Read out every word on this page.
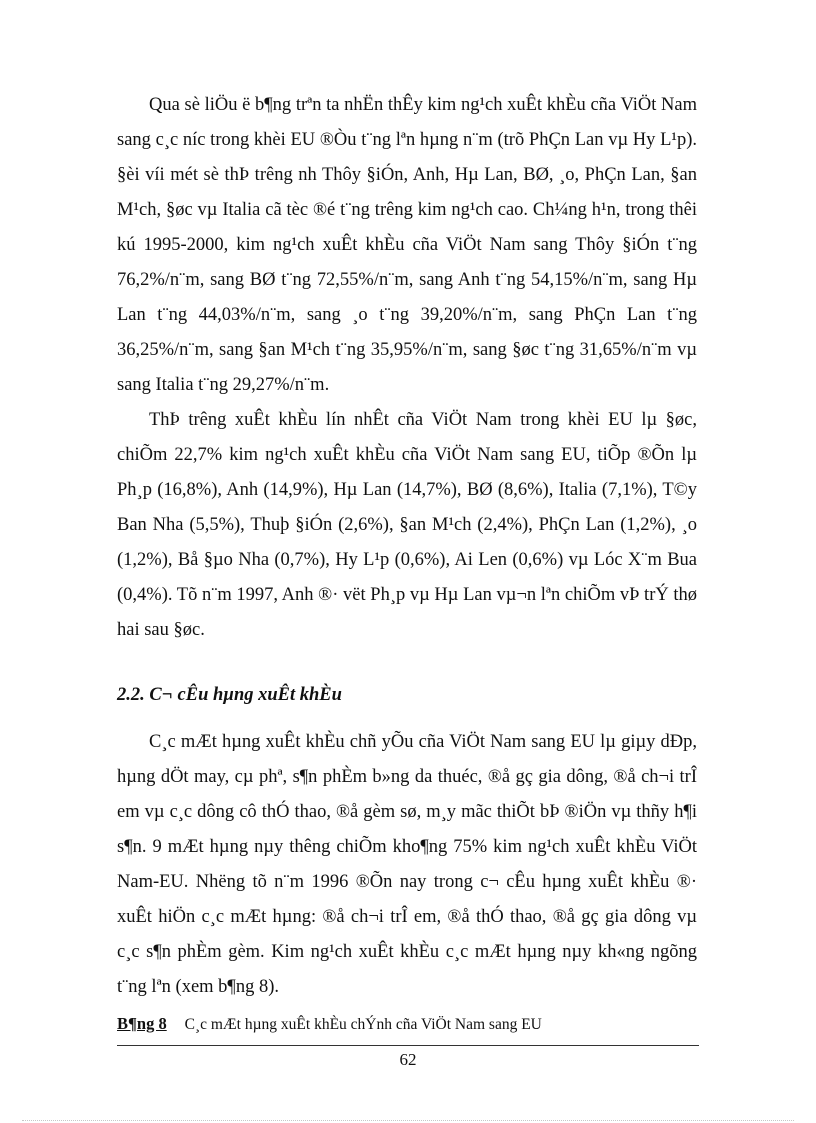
Qua sè liÖu ë b¶ng trªn ta nhËn thÊy kim ng¹ch xuÊt khÈu cña ViÖt Nam sang c¸c níc trong khèi EU ®Òu t¨ng lªn hµng n¨m (trõ PhÇn Lan vµ Hy L¹p). §èi víi mét sè thÞ trêng nh Thôy §iÓn, Anh, Hµ Lan, BØ, ¸o, PhÇn Lan, §an M¹ch, §øc vµ Italia cã tèc ®é t¨ng trêng kim ng¹ch cao. Ch¼ng h¹n, trong thêi kú 1995-2000, kim ng¹ch xuÊt khÈu cña ViÖt Nam sang Thôy §iÓn t¨ng 76,2%/n¨m, sang BØ t¨ng 72,55%/n¨m, sang Anh t¨ng 54,15%/n¨m, sang Hµ Lan t¨ng 44,03%/n¨m, sang ¸o t¨ng 39,20%/n¨m, sang PhÇn Lan t¨ng 36,25%/n¨m, sang §an M¹ch t¨ng 35,95%/n¨m, sang §øc t¨ng 31,65%/n¨m vµ sang Italia t¨ng 29,27%/n¨m.

ThÞ trêng xuÊt khÈu lín nhÊt cña ViÖt Nam trong khèi EU lµ §øc, chiÕm 22,7% kim ng¹ch xuÊt khÈu cña ViÖt Nam sang EU, tiÕp ®Õn lµ Ph¸p (16,8%), Anh (14,9%), Hµ Lan (14,7%), BØ (8,6%), Italia (7,1%), T©y Ban Nha (5,5%), Thuþ §iÓn (2,6%), §an M¹ch (2,4%), PhÇn Lan (1,2%), ¸o (1,2%), Bå §µo Nha (0,7%), Hy L¹p (0,6%), Ai Len (0,6%) vµ Lóc X¨m Bua (0,4%). Tõ n¨m 1997, Anh ®· vët Ph¸p vµ Hµ Lan vµ¬n lªn chiÕm vÞ trÝ thø hai sau §øc.

2.2. C¬ cÊu hµng xuÊt khÈu

C¸c mÆt hµng xuÊt khÈu chñ yÕu cña ViÖt Nam sang EU lµ giµy dÐp, hµng dÖt may, cµ phª, s¶n phÈm b»ng da thuéc, ®å gç gia dông, ®å ch¬i trÎ em vµ c¸c dông cô thÓ thao, ®å gèm sø, m¸y mãc thiÕt bÞ ®iÖn vµ thñy h¶i s¶n. 9 mÆt hµng nµy thêng chiÕm kho¶ng 75% kim ng¹ch xuÊt khÈu ViÖt Nam-EU. Nhëng tõ n¨m 1996 ®Õn nay trong c¬ cÊu hµng xuÊt khÈu ®· xuÊt hiÖn c¸c mÆt hµng: ®å ch¬i trÎ em, ®å thÓ thao, ®å gç gia dông vµ c¸c s¶n phÈm gèm. Kim ng¹ch xuÊt khÈu c¸c mÆt hµng nµy kh«ng ngõng t¨ng lªn (xem b¶ng 8).

B¶ng 8 C¸c mÆt hµng xuÊt khÈu chÝnh cña ViÖt Nam sang EU
62
